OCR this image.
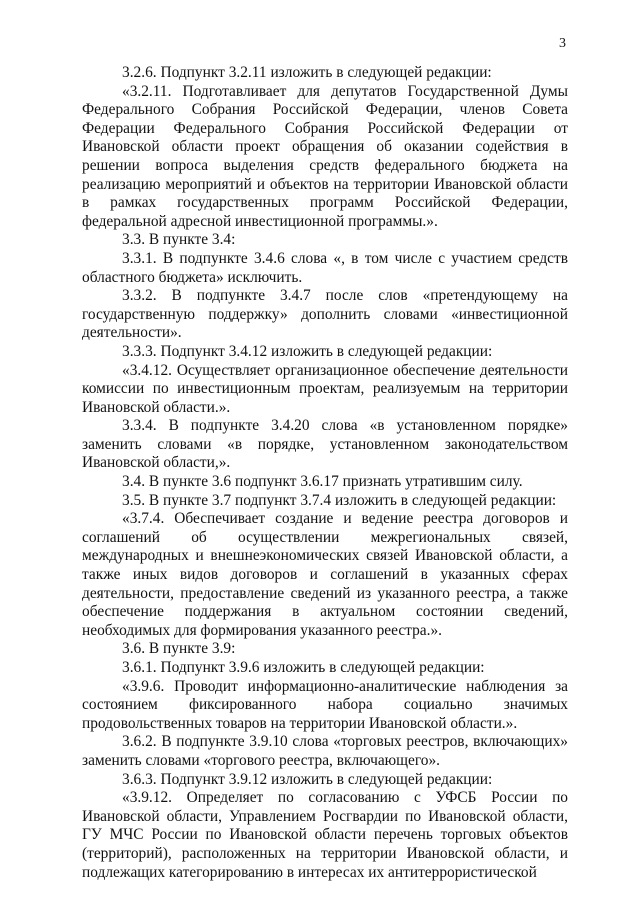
3

3.2.6. Подпункт 3.2.11 изложить в следующей редакции:

«3.2.11. Подготавливает для депутатов Государственной Думы Федерального Собрания Российской Федерации, членов Совета Федерации Федерального Собрания Российской Федерации от Ивановской области проект обращения об оказании содействия в решении вопроса выделения средств федерального бюджета на реализацию мероприятий и объектов на территории Ивановской области в рамках государственных программ Российской Федерации, федеральной адресной инвестиционной программы.».

3.3. В пункте 3.4:

3.3.1. В подпункте 3.4.6 слова «, в том числе с участием средств областного бюджета» исключить.

3.3.2. В подпункте 3.4.7 после слов «претендующему на государственную поддержку» дополнить словами «инвестиционной деятельности».

3.3.3. Подпункт 3.4.12 изложить в следующей редакции:

«3.4.12. Осуществляет организационное обеспечение деятельности комиссии по инвестиционным проектам, реализуемым на территории Ивановской области.».

3.3.4. В подпункте 3.4.20 слова «в установленном порядке» заменить словами «в порядке, установленном законодательством Ивановской области,».

3.4. В пункте 3.6 подпункт 3.6.17 признать утратившим силу.

3.5. В пункте 3.7 подпункт 3.7.4 изложить в следующей редакции:

«3.7.4. Обеспечивает создание и ведение реестра договоров и соглашений об осуществлении межрегиональных связей, международных и внешнеэкономических связей Ивановской области, а также иных видов договоров и соглашений в указанных сферах деятельности, предоставление сведений из указанного реестра, а также обеспечение поддержания в актуальном состоянии сведений, необходимых для формирования указанного реестра.».

3.6. В пункте 3.9:

3.6.1. Подпункт 3.9.6 изложить в следующей редакции:

«3.9.6. Проводит информационно-аналитические наблюдения за состоянием фиксированного набора социально значимых продовольственных товаров на территории Ивановской области.».

3.6.2. В подпункте 3.9.10 слова «торговых реестров, включающих» заменить словами «торгового реестра, включающего».

3.6.3. Подпункт 3.9.12 изложить в следующей редакции:

«3.9.12. Определяет по согласованию с УФСБ России по Ивановской области, Управлением Росгвардии по Ивановской области, ГУ МЧС России по Ивановской области перечень торговых объектов (территорий), расположенных на территории Ивановской области, и подлежащих категорированию в интересах их антитеррористической
